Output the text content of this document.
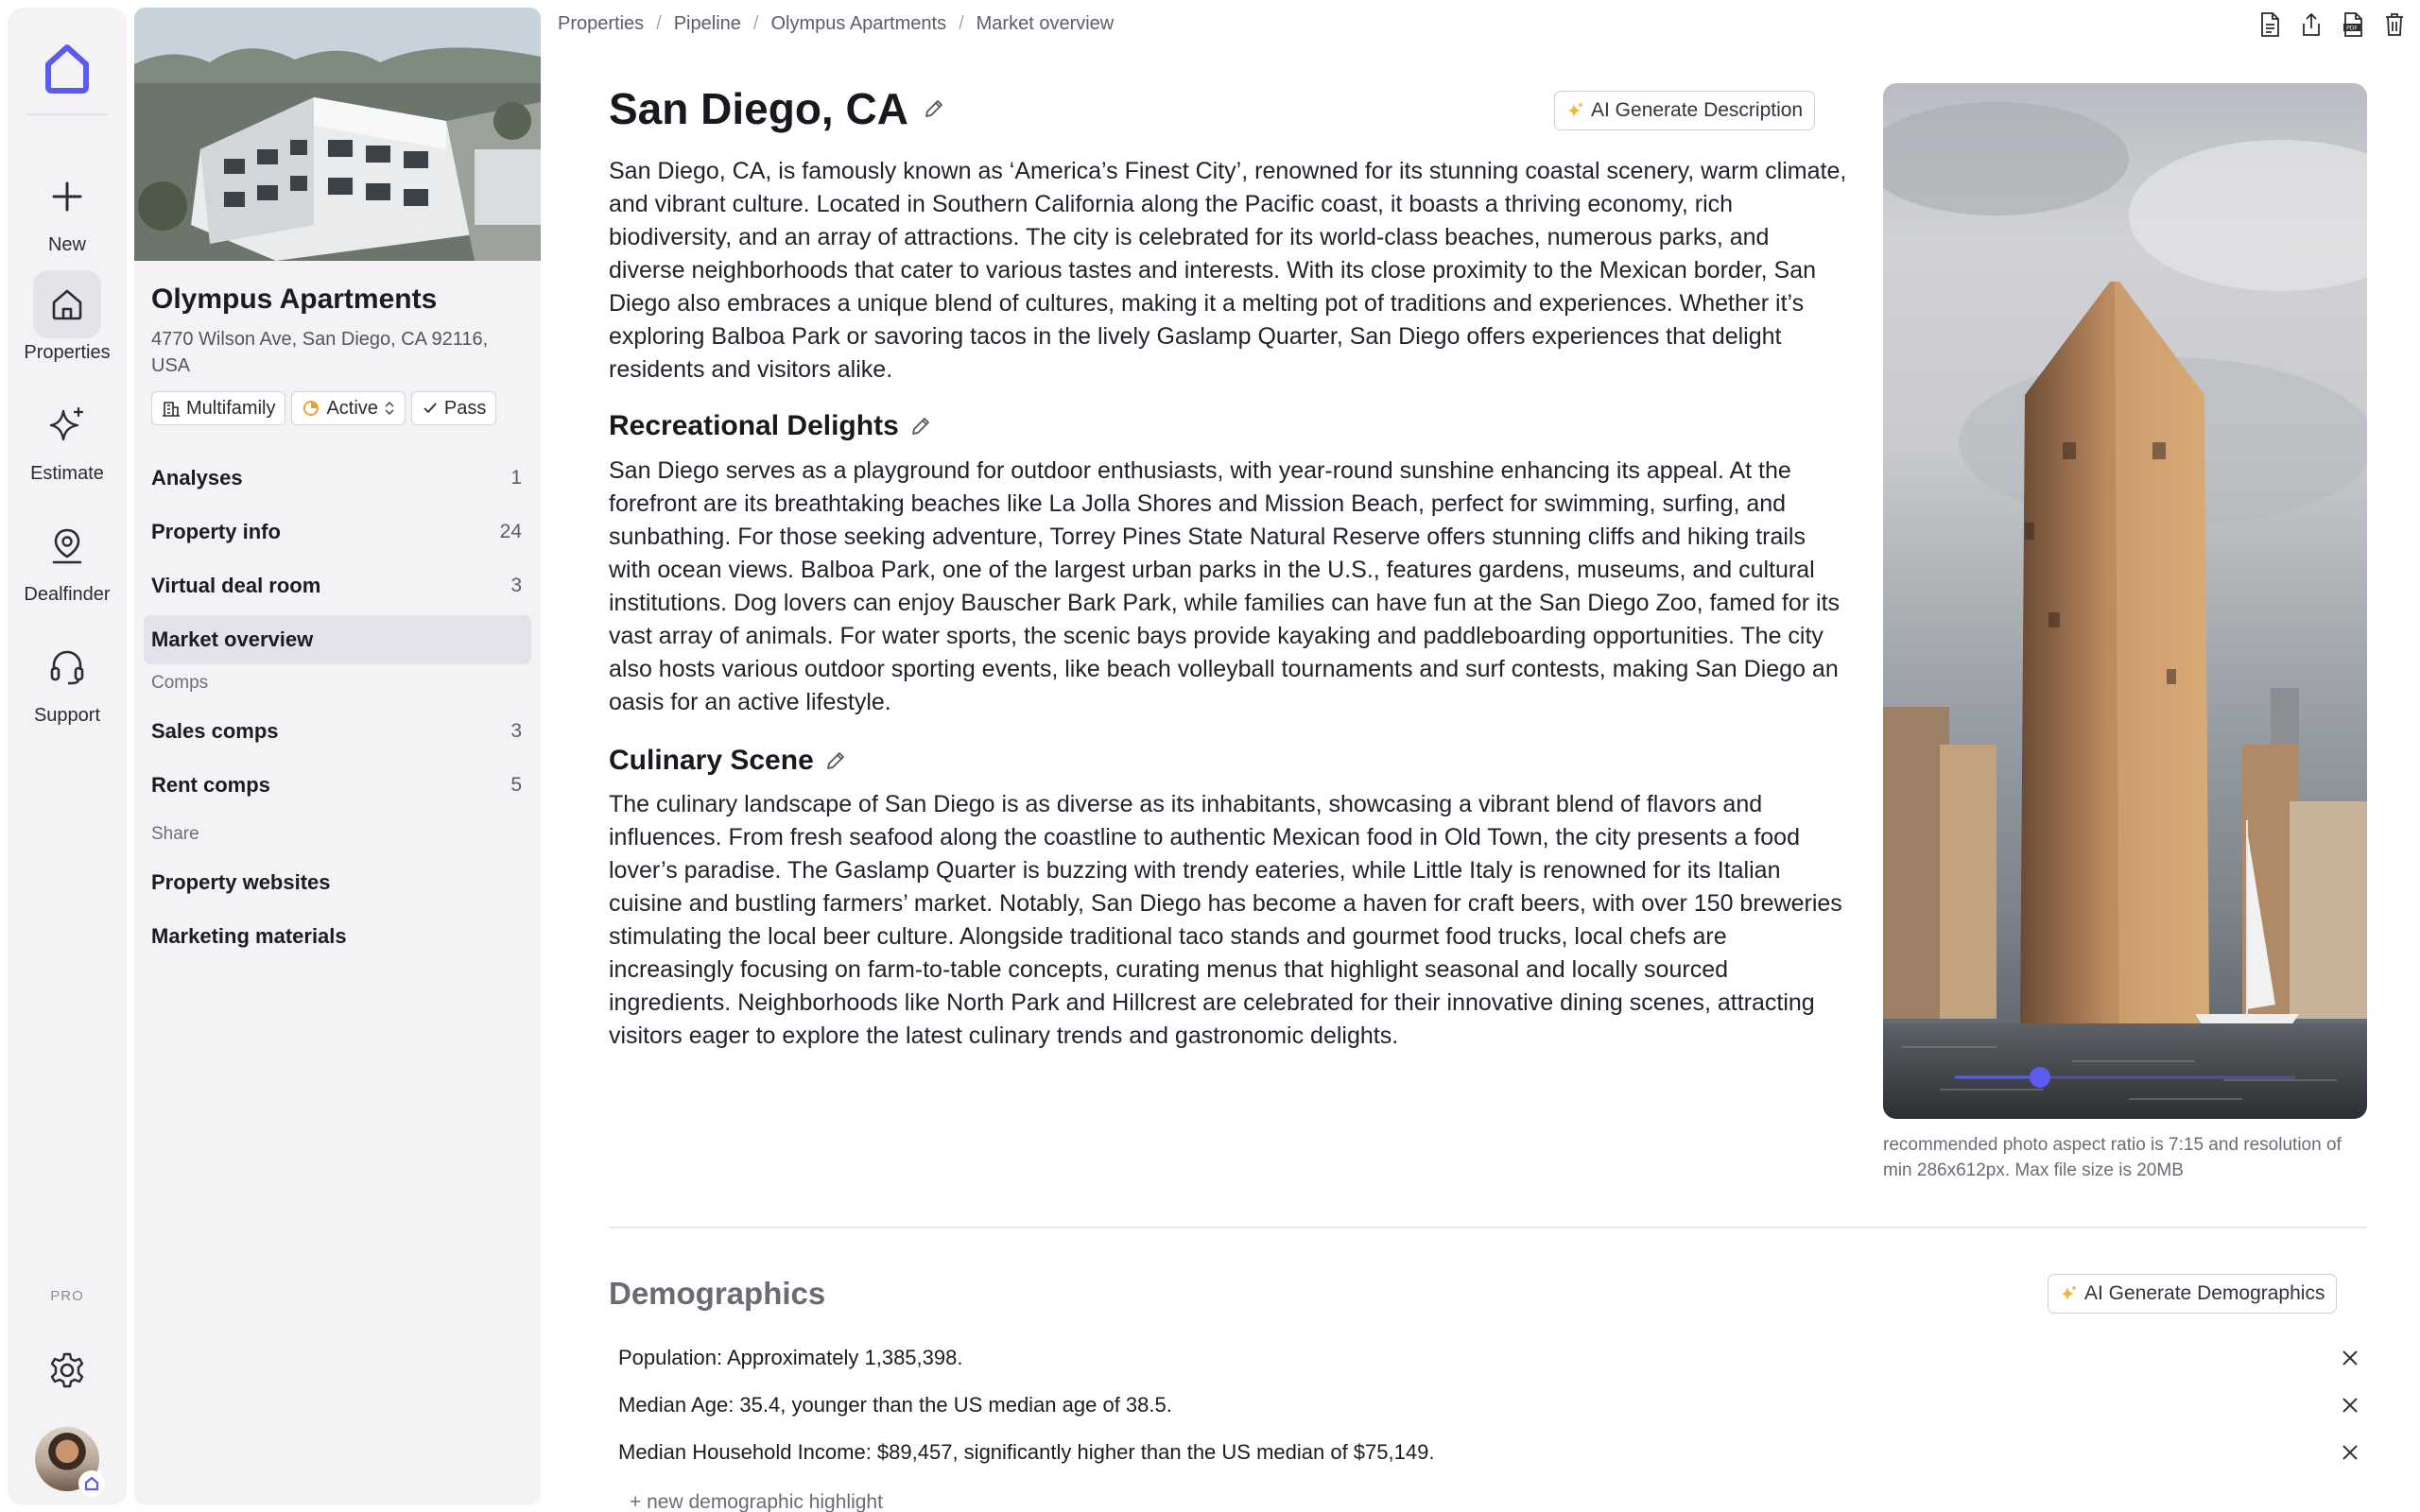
New
Properties
Estimate
Dealfinder
Support
PRO
Olympus Apartments
4770 Wilson Ave, San Diego, CA 92116, USA
Multifamily	Active	Pass
Analyses	1
Property info	24
Virtual deal room	3
Market overview
Comps
Sales comps	3
Rent comps	5
Share
Property websites
Marketing materials
Properties / Pipeline / Olympus Apartments / Market overview	PDF
San Diego, CA	AI Generate Description

San Diego, CA, is famously known as ‘America’s Finest City’, renowned for its stunning coastal scenery, warm climate, and vibrant culture. Located in Southern California along the Pacific coast, it boasts a thriving economy, rich biodiversity, and an array of attractions. The city is celebrated for its world-class beaches, numerous parks, and diverse neighborhoods that cater to various tastes and interests. With its close proximity to the Mexican border, San Diego also embraces a unique blend of cultures, making it a melting pot of traditions and experiences. Whether it’s exploring Balboa Park or savoring tacos in the lively Gaslamp Quarter, San Diego offers experiences that delight residents and visitors alike.

Recreational Delights

San Diego serves as a playground for outdoor enthusiasts, with year-round sunshine enhancing its appeal. At the forefront are its breathtaking beaches like La Jolla Shores and Mission Beach, perfect for swimming, surfing, and sunbathing. For those seeking adventure, Torrey Pines State Natural Reserve offers stunning cliffs and hiking trails with ocean views. Balboa Park, one of the largest urban parks in the U.S., features gardens, museums, and cultural institutions. Dog lovers can enjoy Bauscher Bark Park, while families can have fun at the San Diego Zoo, famed for its vast array of animals. For water sports, the scenic bays provide kayaking and paddleboarding opportunities. The city also hosts various outdoor sporting events, like beach volleyball tournaments and surf contests, making San Diego an oasis for an active lifestyle.

Culinary Scene

The culinary landscape of San Diego is as diverse as its inhabitants, showcasing a vibrant blend of flavors and influences. From fresh seafood along the coastline to authentic Mexican food in Old Town, the city presents a food lover’s paradise. The Gaslamp Quarter is buzzing with trendy eateries, while Little Italy is renowned for its Italian cuisine and bustling farmers’ market. Notably, San Diego has become a haven for craft beers, with over 150 breweries stimulating the local beer culture. Alongside traditional taco stands and gourmet food trucks, local chefs are increasingly focusing on farm-to-table concepts, curating menus that highlight seasonal and locally sourced ingredients. Neighborhoods like North Park and Hillcrest are celebrated for their innovative dining scenes, attracting visitors eager to explore the latest culinary trends and gastronomic delights.

recommended photo aspect ratio is 7:15 and resolution of min 286x612px. Max file size is 20MB

Demographics	AI Generate Demographics
Population: Approximately 1,385,398.
Median Age: 35.4, younger than the US median age of 38.5.
Median Household Income: $89,457, significantly higher than the US median of $75,149.
+ new demographic highlight
